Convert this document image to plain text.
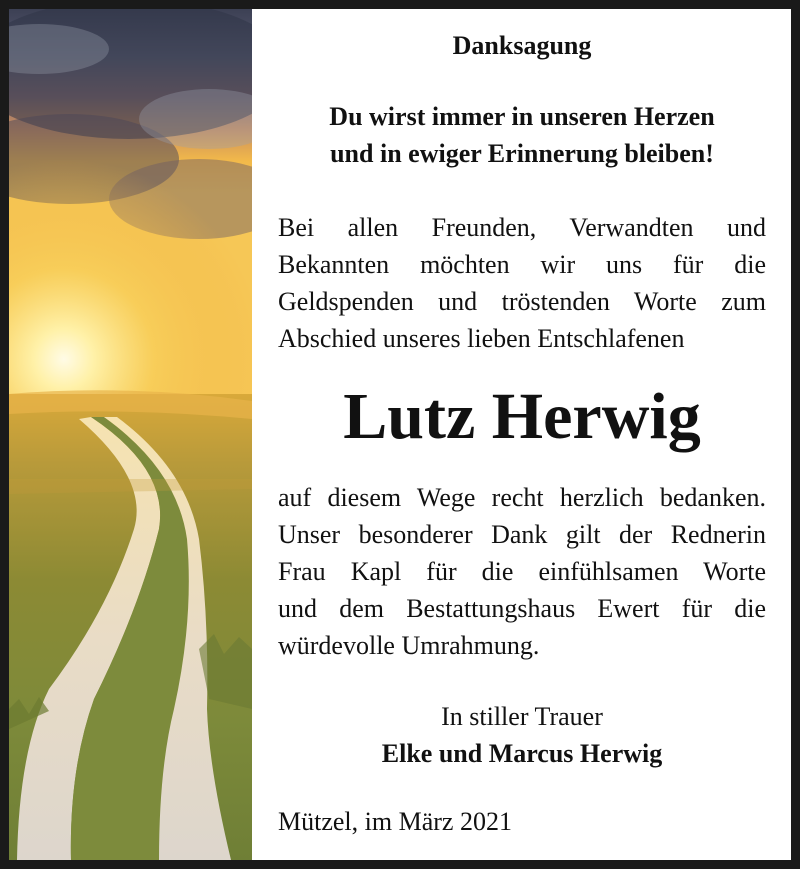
Danksagung
Du wirst immer in unseren Herzen
und in ewiger Erinnerung bleiben!
Bei allen Freunden, Verwandten und
Bekannten möchten wir uns für die
Geldspenden und tröstenden Worte zum
Abschied unseres lieben Entschlafenen
Lutz Herwig
auf diesem Wege recht herzlich bedanken.
Unser besonderer Dank gilt der Rednerin
Frau Kapl für die einfühlsamen Worte
und dem Bestattungshaus Ewert für die
würdevolle Umrahmung.
In stiller Trauer
Elke und Marcus Herwig
Mützel, im März 2021
